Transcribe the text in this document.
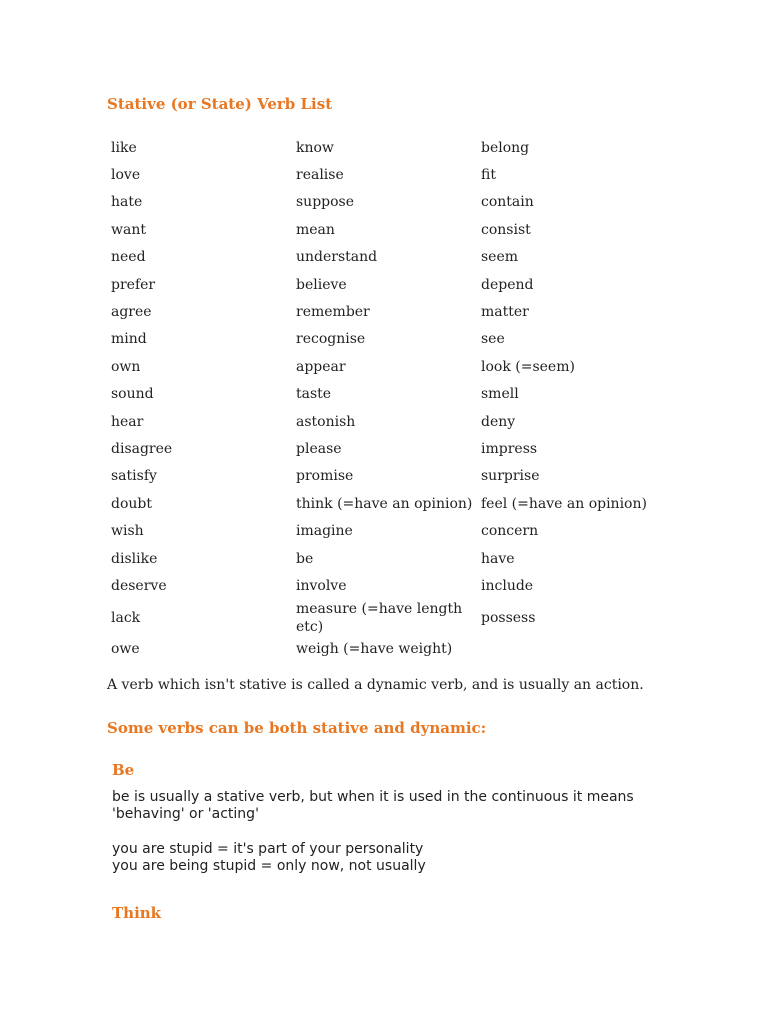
Stative (or State) Verb List
like	know	belong
love	realise	fit
hate	suppose	contain
want	mean	consist
need	understand	seem
prefer	believe	depend
agree	remember	matter
mind	recognise	see
own	appear	look (=seem)
sound	taste	smell
hear	astonish	deny
disagree	please	impress
satisfy	promise	surprise
doubt	think (=have an opinion)	feel (=have an opinion)
wish	imagine	concern
dislike	be	have
deserve	involve	include
lack	measure (=have length etc)	possess
owe	weigh (=have weight)	

A verb which isn't stative is called a dynamic verb, and is usually an action.

Some verbs can be both stative and dynamic:
Be

be is usually a stative verb, but when it is used in the continuous it means 'behaving' or 'acting'

you are stupid = it's part of your personality
you are being stupid = only now, not usually
Think
